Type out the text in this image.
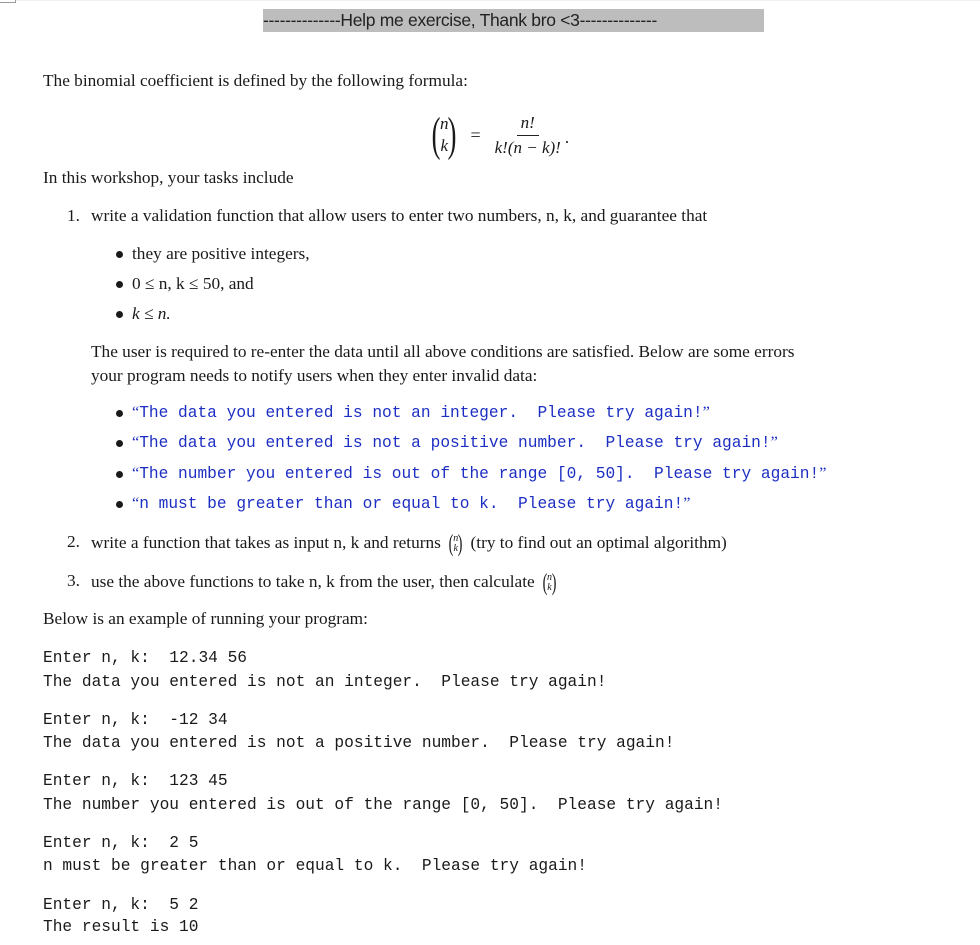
--------------Help me exercise, Thank bro <3--------------
The binomial coefficient is defined by the following formula:
( n
k ) = $\frac{n!}{k!(n - k)!}$ .
In this workshop, your tasks include
1. write a validation function that allow users to enter two numbers, n, k, and guarantee that
they are positive integers,
0 ≤ n, k ≤ 50, and
k ≤ n.
The user is required to re-enter the data until all above conditions are satisfied. Below are some errors
your program needs to notify users when they enter invalid data:
“The data you entered is not an integer.  Please try again!”
“The data you entered is not a positive number.  Please try again!”
“The number you entered is out of the range [0, 50].  Please try again!”
“n must be greater than or equal to k.  Please try again!”
2. write a function that takes as input n, k and returns ( n
k ) (try to find out an optimal algorithm)
3. use the above functions to take n, k from the user, then calculate ( n
k )
Below is an example of running your program:
Enter n, k: 12.34 56
The data you entered is not an integer.  Please try again!
Enter n, k: -12 34
The data you entered is not a positive number.  Please try again!
Enter n, k: 123 45
The number you entered is out of the range [0, 50].  Please try again!
Enter n, k: 2 5
n must be greater than or equal to k.  Please try again!
Enter n, k: 5 2
The result is 10
